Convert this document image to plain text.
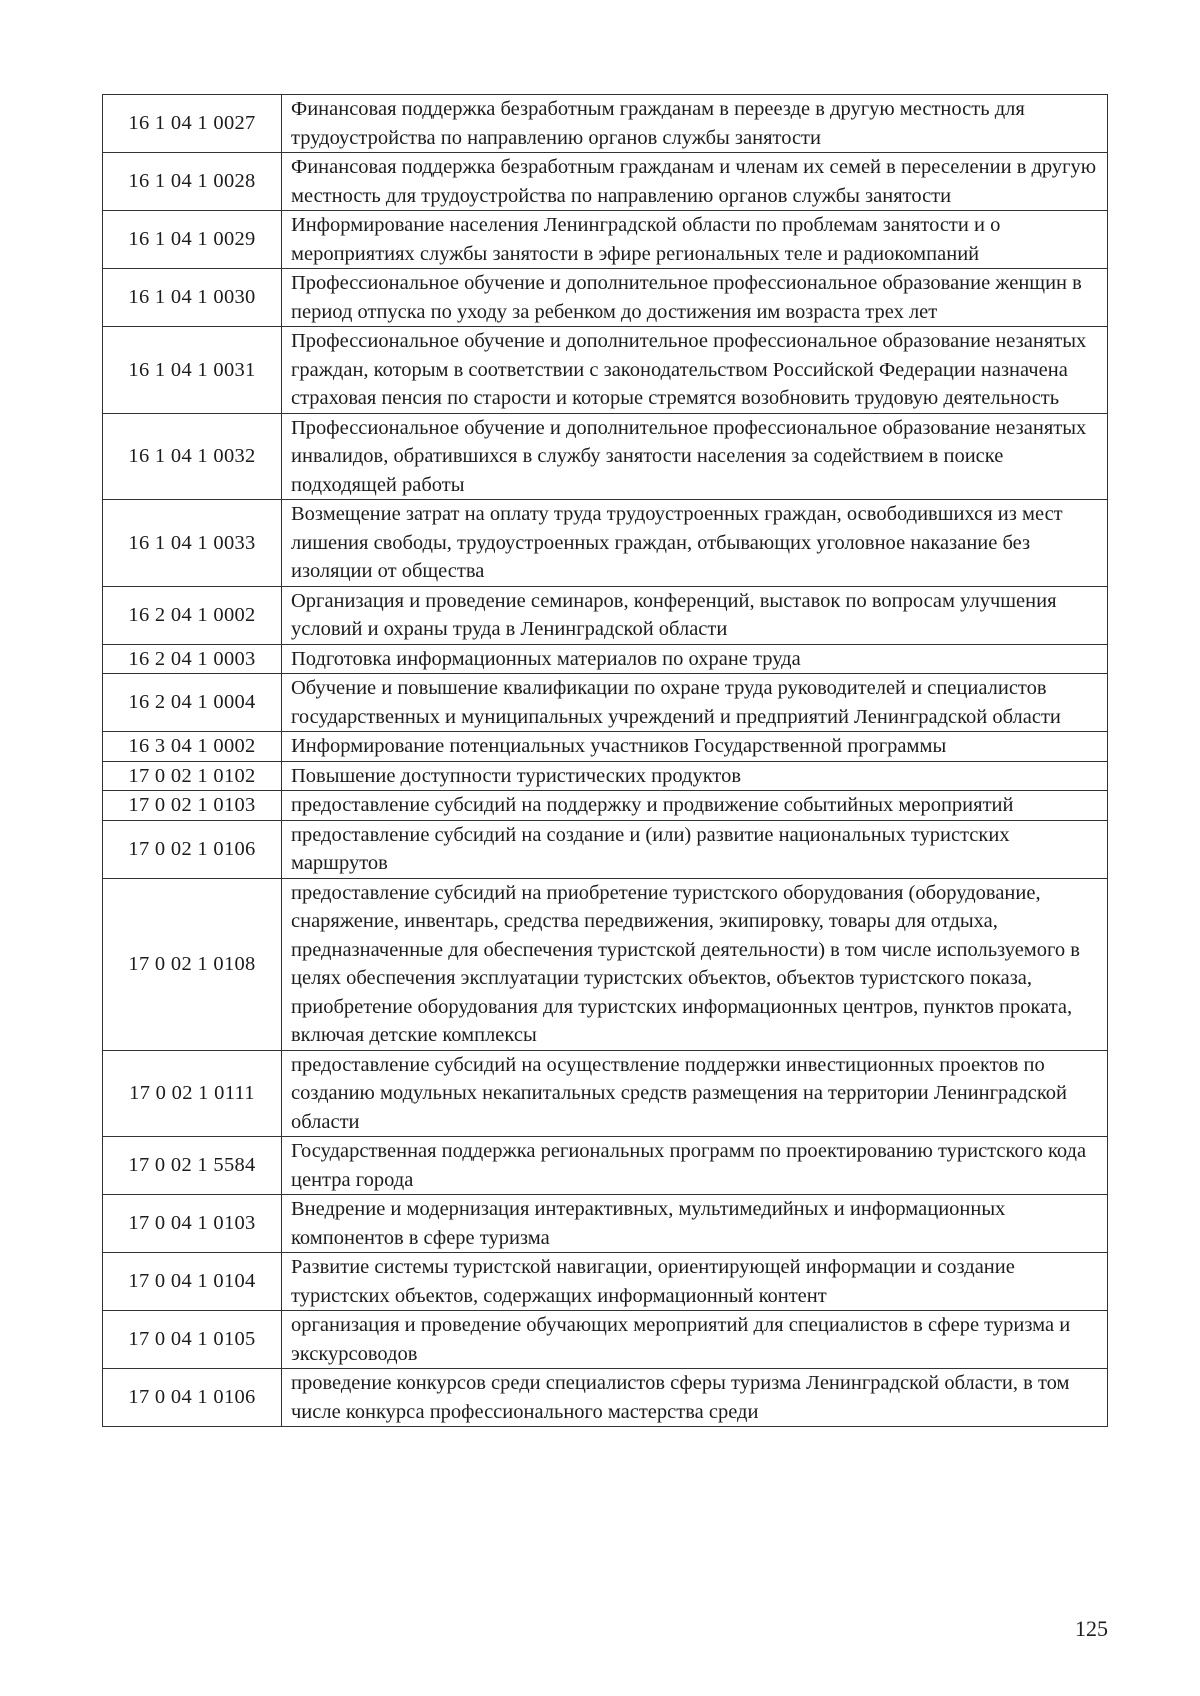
16 1 04 1 0027	Финансовая поддержка безработным гражданам в переезде в другую местность для трудоустройства по направлению органов службы занятости
16 1 04 1 0028	Финансовая поддержка безработным гражданам и членам их семей в переселении в другую местность для трудоустройства по направлению органов службы занятости
16 1 04 1 0029	Информирование населения Ленинградской области по проблемам занятости и о мероприятиях службы занятости в эфире региональных теле и радиокомпаний
16 1 04 1 0030	Профессиональное обучение и дополнительное профессиональное образование женщин в период отпуска по уходу за ребенком до достижения им возраста трех лет
16 1 04 1 0031	Профессиональное обучение и дополнительное профессиональное образование незанятых граждан, которым в соответствии с законодательством Российской Федерации назначена страховая пенсия по старости и которые стремятся возобновить трудовую деятельность
16 1 04 1 0032	Профессиональное обучение и дополнительное профессиональное образование незанятых инвалидов, обратившихся в службу занятости населения за содействием в поиске подходящей работы
16 1 04 1 0033	Возмещение затрат на оплату труда трудоустроенных граждан, освободившихся из мест лишения свободы, трудоустроенных граждан, отбывающих уголовное наказание без изоляции от общества
16 2 04 1 0002	Организация и проведение семинаров, конференций, выставок по вопросам улучшения условий и охраны труда в Ленинградской области
16 2 04 1 0003	Подготовка информационных материалов по охране труда
16 2 04 1 0004	Обучение и повышение квалификации по охране труда руководителей и специалистов государственных и муниципальных учреждений и предприятий Ленинградской области
16 3 04 1 0002	Информирование потенциальных участников Государственной программы
17 0 02 1 0102	Повышение доступности туристических продуктов
17 0 02 1 0103	предоставление субсидий на поддержку и продвижение событийных мероприятий
17 0 02 1 0106	предоставление субсидий на создание и (или) развитие национальных туристских маршрутов
17 0 02 1 0108	предоставление субсидий на приобретение туристского оборудования (оборудование, снаряжение, инвентарь, средства передвижения, экипировку, товары для отдыха, предназначенные для обеспечения туристской деятельности) в том числе используемого в целях обеспечения эксплуатации туристских объектов, объектов туристского показа, приобретение оборудования для туристских информационных центров, пунктов проката, включая детские комплексы
17 0 02 1 0111	предоставление субсидий на осуществление поддержки инвестиционных проектов по созданию модульных некапитальных средств размещения на территории Ленинградской области
17 0 02 1 5584	Государственная поддержка региональных программ по проектированию туристского кода центра города
17 0 04 1 0103	Внедрение и модернизация интерактивных, мультимедийных и информационных компонентов в сфере туризма
17 0 04 1 0104	Развитие системы туристской навигации, ориентирующей информации и создание туристских объектов, содержащих информационный контент
17 0 04 1 0105	организация и проведение обучающих мероприятий для специалистов в сфере туризма и экскурсоводов
17 0 04 1 0106	проведение конкурсов среди специалистов сферы туризма Ленинградской области, в том числе конкурса профессионального мастерства среди
125
